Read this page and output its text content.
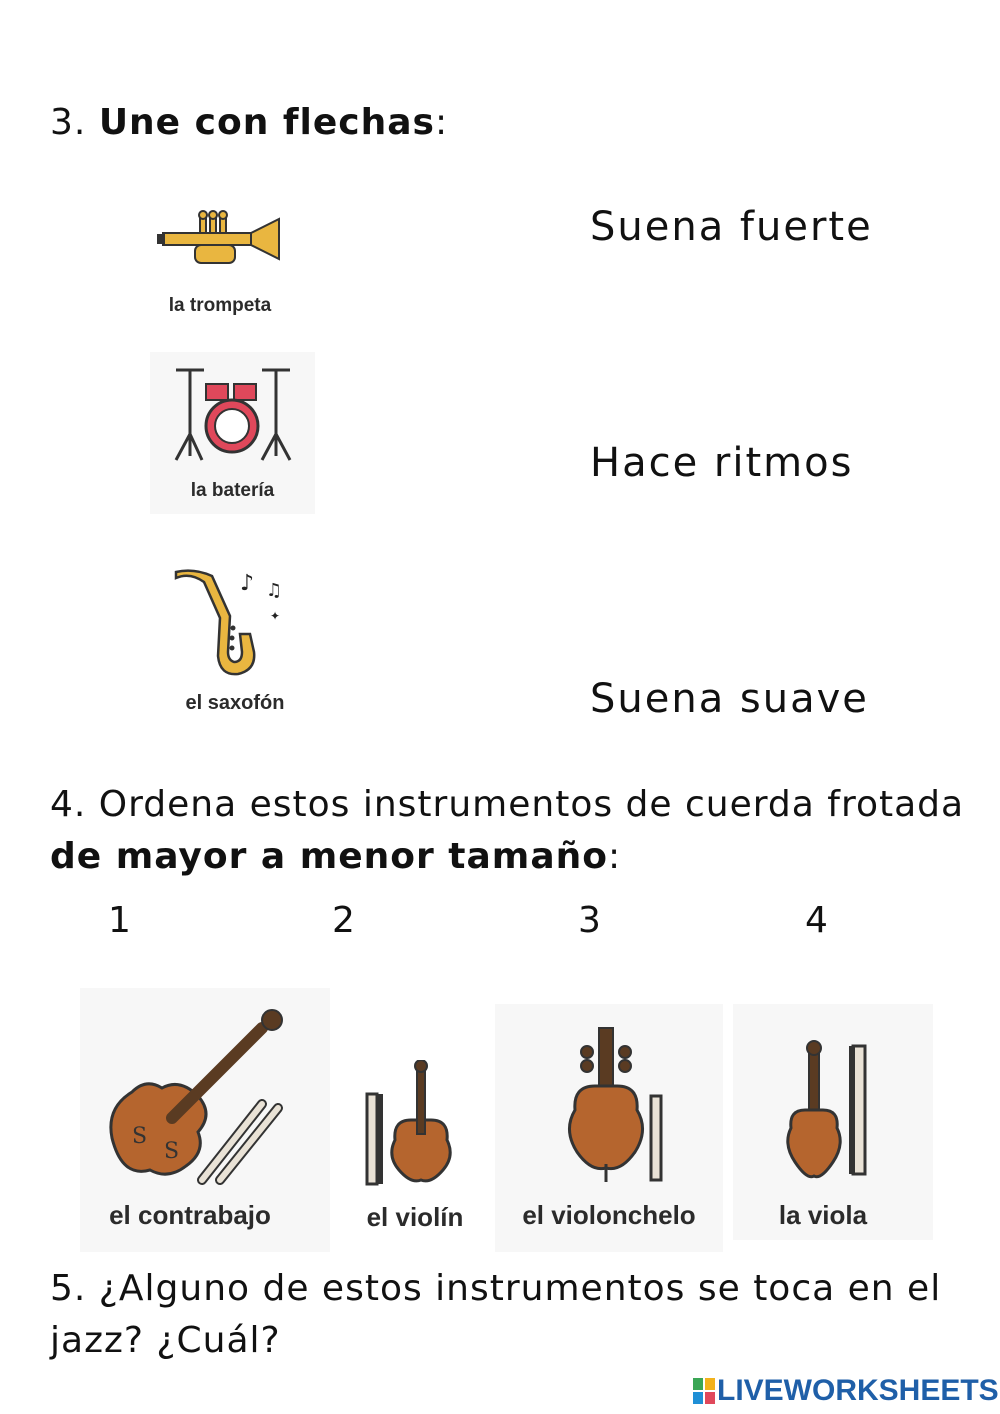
3. Une con flechas:
la trompeta
la batería
♪ ♫
✦
el saxofón
Suena fuerte
Hace ritmos
Suena suave
4. Ordena estos instrumentos de cuerda frotada
de mayor a menor tamaño:
1	2	3	4
S
S
el contrabajo	el violín	el violonchelo	la viola
5. ¿Alguno de estos instrumentos se toca en el
jazz? ¿Cuál?
LIVEWORKSHEETS
